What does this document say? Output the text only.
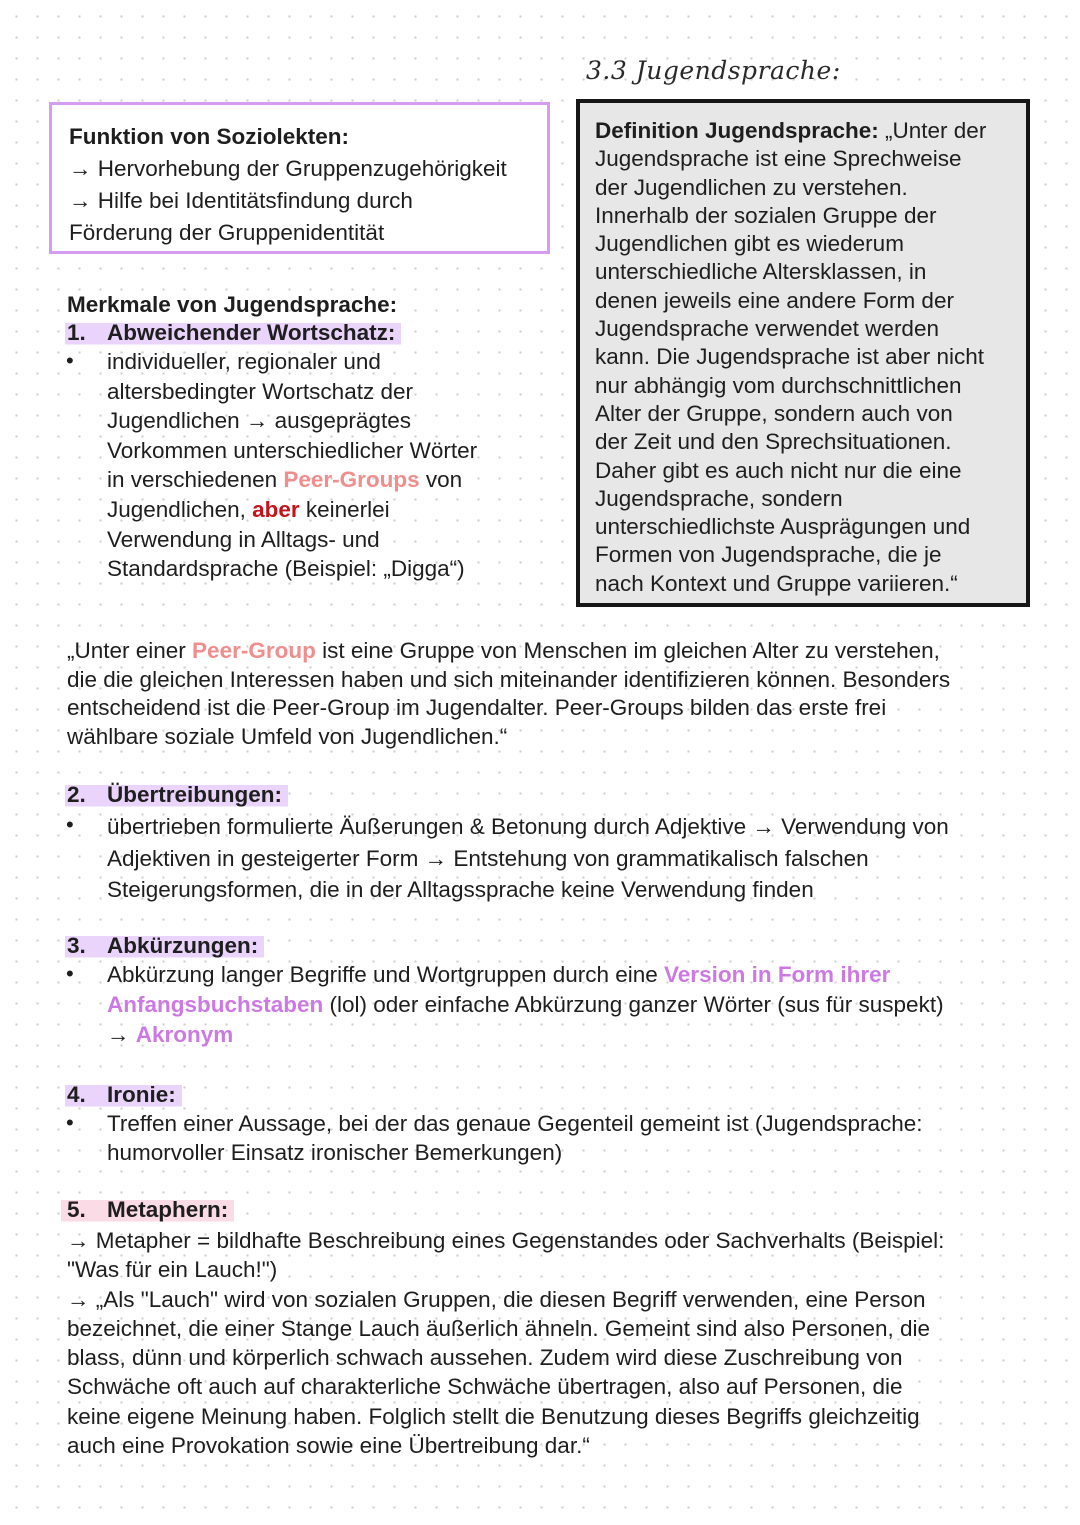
3.3 Jugendsprache:
Funktion von Soziolekten:
→ Hervorhebung der Gruppenzugehörigkeit
→ Hilfe bei Identitätsfindung durch
Förderung der Gruppenidentität
Definition Jugendsprache: „Unter der
Jugendsprache ist eine Sprechweise
der Jugendlichen zu verstehen.
Innerhalb der sozialen Gruppe der
Jugendlichen gibt es wiederum
unterschiedliche Altersklassen, in
denen jeweils eine andere Form der
Jugendsprache verwendet werden
kann. Die Jugendsprache ist aber nicht
nur abhängig vom durchschnittlichen
Alter der Gruppe, sondern auch von
der Zeit und den Sprechsituationen.
Daher gibt es auch nicht nur die eine
Jugendsprache, sondern
unterschiedlichste Ausprägungen und
Formen von Jugendsprache, die je
nach Kontext und Gruppe variieren.“
Merkmale von Jugendsprache:
1. Abweichender Wortschatz:
• individueller, regionaler und
altersbedingter Wortschatz der
Jugendlichen → ausgeprägtes
Vorkommen unterschiedlicher Wörter
in verschiedenen Peer-Groups von
Jugendlichen, aber keinerlei
Verwendung in Alltags- und
Standardsprache (Beispiel: „Digga“)
„Unter einer Peer-Group ist eine Gruppe von Menschen im gleichen Alter zu verstehen,
die die gleichen Interessen haben und sich miteinander identifizieren können. Besonders
entscheidend ist die Peer-Group im Jugendalter. Peer-Groups bilden das erste frei
wählbare soziale Umfeld von Jugendlichen.“
2. Übertreibungen:
• übertrieben formulierte Äußerungen & Betonung durch Adjektive → Verwendung von
Adjektiven in gesteigerter Form → Entstehung von grammatikalisch falschen
Steigerungsformen, die in der Alltagssprache keine Verwendung finden
3. Abkürzungen:
• Abkürzung langer Begriffe und Wortgruppen durch eine Version in Form ihrer
Anfangsbuchstaben (lol) oder einfache Abkürzung ganzer Wörter (sus für suspekt)
→ Akronym
4. Ironie:
• Treffen einer Aussage, bei der das genaue Gegenteil gemeint ist (Jugendsprache:
humorvoller Einsatz ironischer Bemerkungen)
5. Metaphern:
→ Metapher = bildhafte Beschreibung eines Gegenstandes oder Sachverhalts (Beispiel:
"Was für ein Lauch!")
→ „Als "Lauch" wird von sozialen Gruppen, die diesen Begriff verwenden, eine Person
bezeichnet, die einer Stange Lauch äußerlich ähneln. Gemeint sind also Personen, die
blass, dünn und körperlich schwach aussehen. Zudem wird diese Zuschreibung von
Schwäche oft auch auf charakterliche Schwäche übertragen, also auf Personen, die
keine eigene Meinung haben. Folglich stellt die Benutzung dieses Begriffs gleichzeitig
auch eine Provokation sowie eine Übertreibung dar.“
